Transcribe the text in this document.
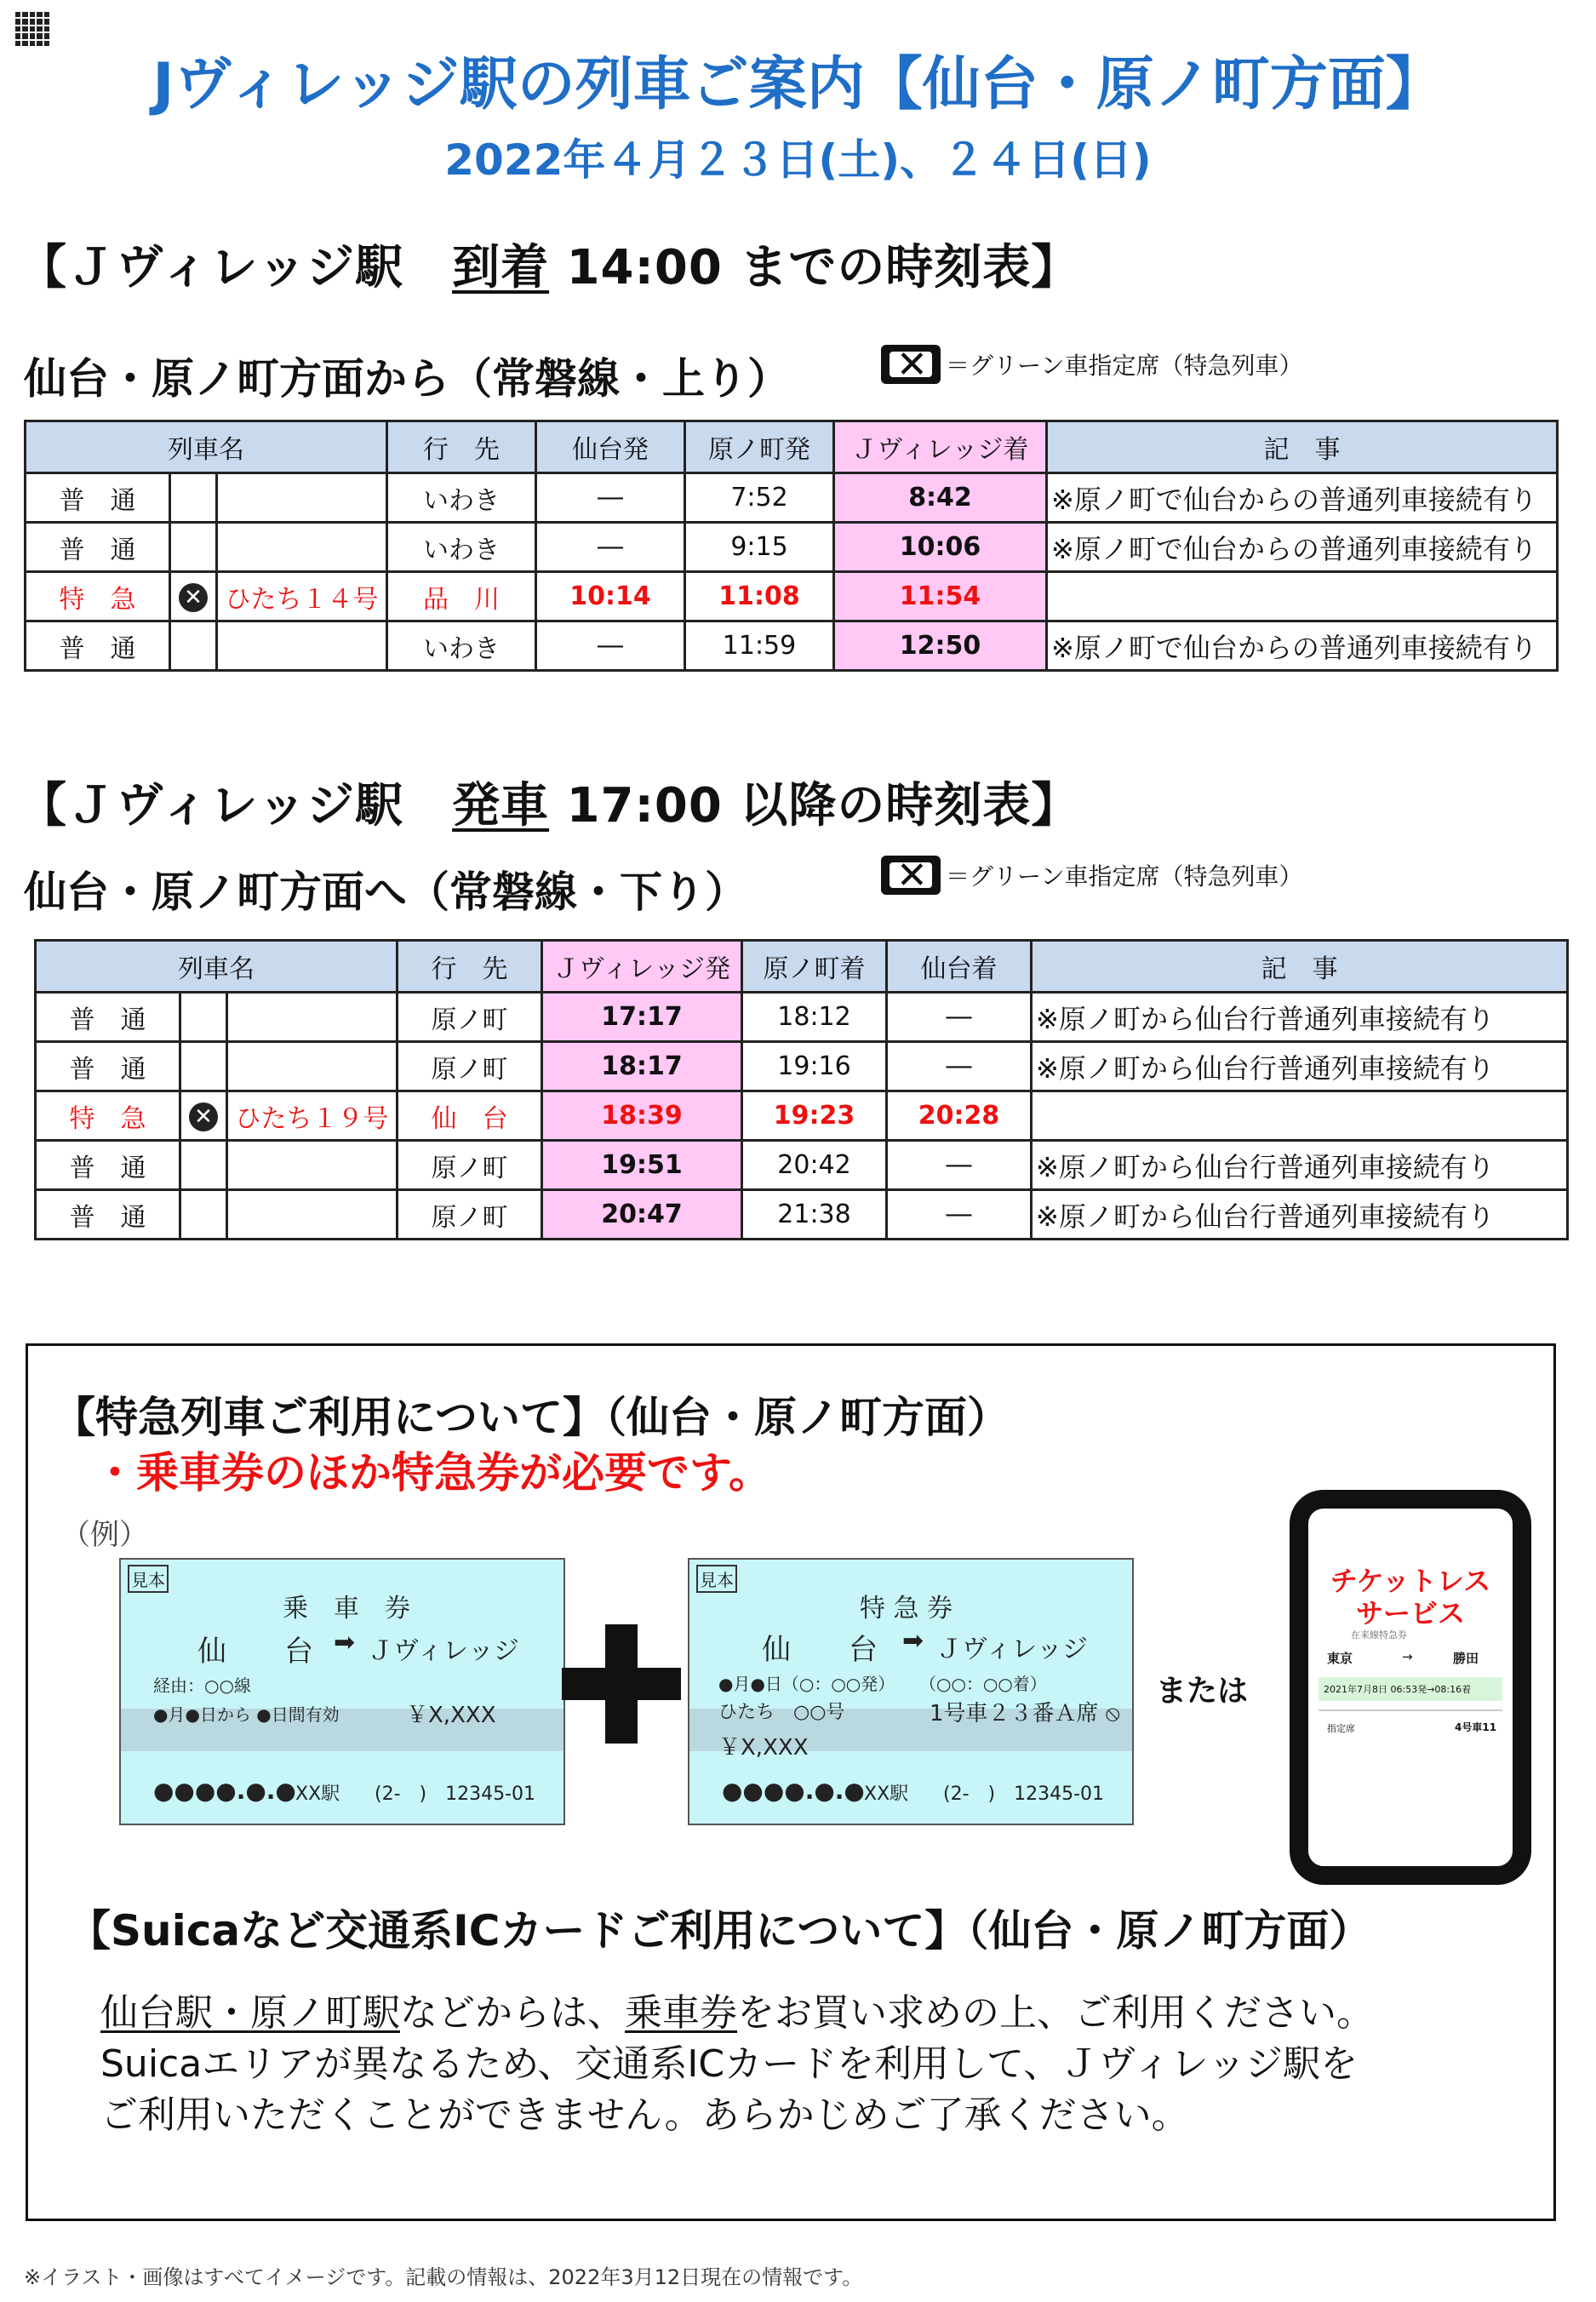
Jヴィレッジ駅の列車ご案内【仙台・原ノ町方面】
2022年４月２３日(土)、２４日(日)
【Ｊヴィレッジ駅　到着 14:00 までの時刻表】
仙台・原ノ町方面から（常磐線・上り） ✕	＝グリーン車指定席（特急列車）
列車名			行　先	仙台発	原ノ町発	Ｊヴィレッジ着	記　事
普　通			いわき	―	7:52	8:42	※原ノ町で仙台からの普通列車接続有り
普　通			いわき	―	9:15	10:06	※原ノ町で仙台からの普通列車接続有り
特　急	✕	ひたち１４号	品　川	10:14	11:08	11:54	
普　通			いわき	―	11:59	12:50	※原ノ町で仙台からの普通列車接続有り
【Ｊヴィレッジ駅　発車 17:00 以降の時刻表】
仙台・原ノ町方面へ（常磐線・下り） ✕	＝グリーン車指定席（特急列車）
列車名			行　先	Ｊヴィレッジ発	原ノ町着	仙台着	記　事
普　通			原ノ町	17:17	18:12	―	※原ノ町から仙台行普通列車接続有り
普　通			原ノ町	18:17	19:16	―	※原ノ町から仙台行普通列車接続有り
特　急	✕	ひたち１９号	仙　台	18:39	19:23	20:28	
普　通			原ノ町	19:51	20:42	―	※原ノ町から仙台行普通列車接続有り
普　通			原ノ町	20:47	21:38	―	※原ノ町から仙台行普通列車接続有り
【特急列車ご利用について】（仙台・原ノ町方面）
・乗車券のほか特急券が必要です。
（例）
見本
乗　車　券
仙　　台 ➡ Ｊヴィレッジ
経由：○○線
●月●日から ●日間有効	￥X,XXX
●●●●.●.● XX駅 (2-　)　12345-01
見本
特 急 券
仙　　台 ➡ Ｊヴィレッジ
●月●日（○：○○発） （○○：○○着）
ひたち　○○号	1号車２３番Ａ席 ⦸
￥X,XXX
●●●●.●.● XX駅 (2-　)　12345-01
または
チケットレス
サービス
在来線特急券
東京	→	勝田
2021年7月8日 06:53発→08:16着
指定席	4号車11
【Suicaなど交通系ICカードご利用について】（仙台・原ノ町方面）
仙台駅・原ノ町駅などからは、乗車券をお買い求めの上、ご利用ください。
Suicaエリアが異なるため、交通系ICカードを利用して、Ｊヴィレッジ駅を
ご利用いただくことができません。あらかじめご了承ください。
※イラスト・画像はすべてイメージです。記載の情報は、2022年3月12日現在の情報です。
